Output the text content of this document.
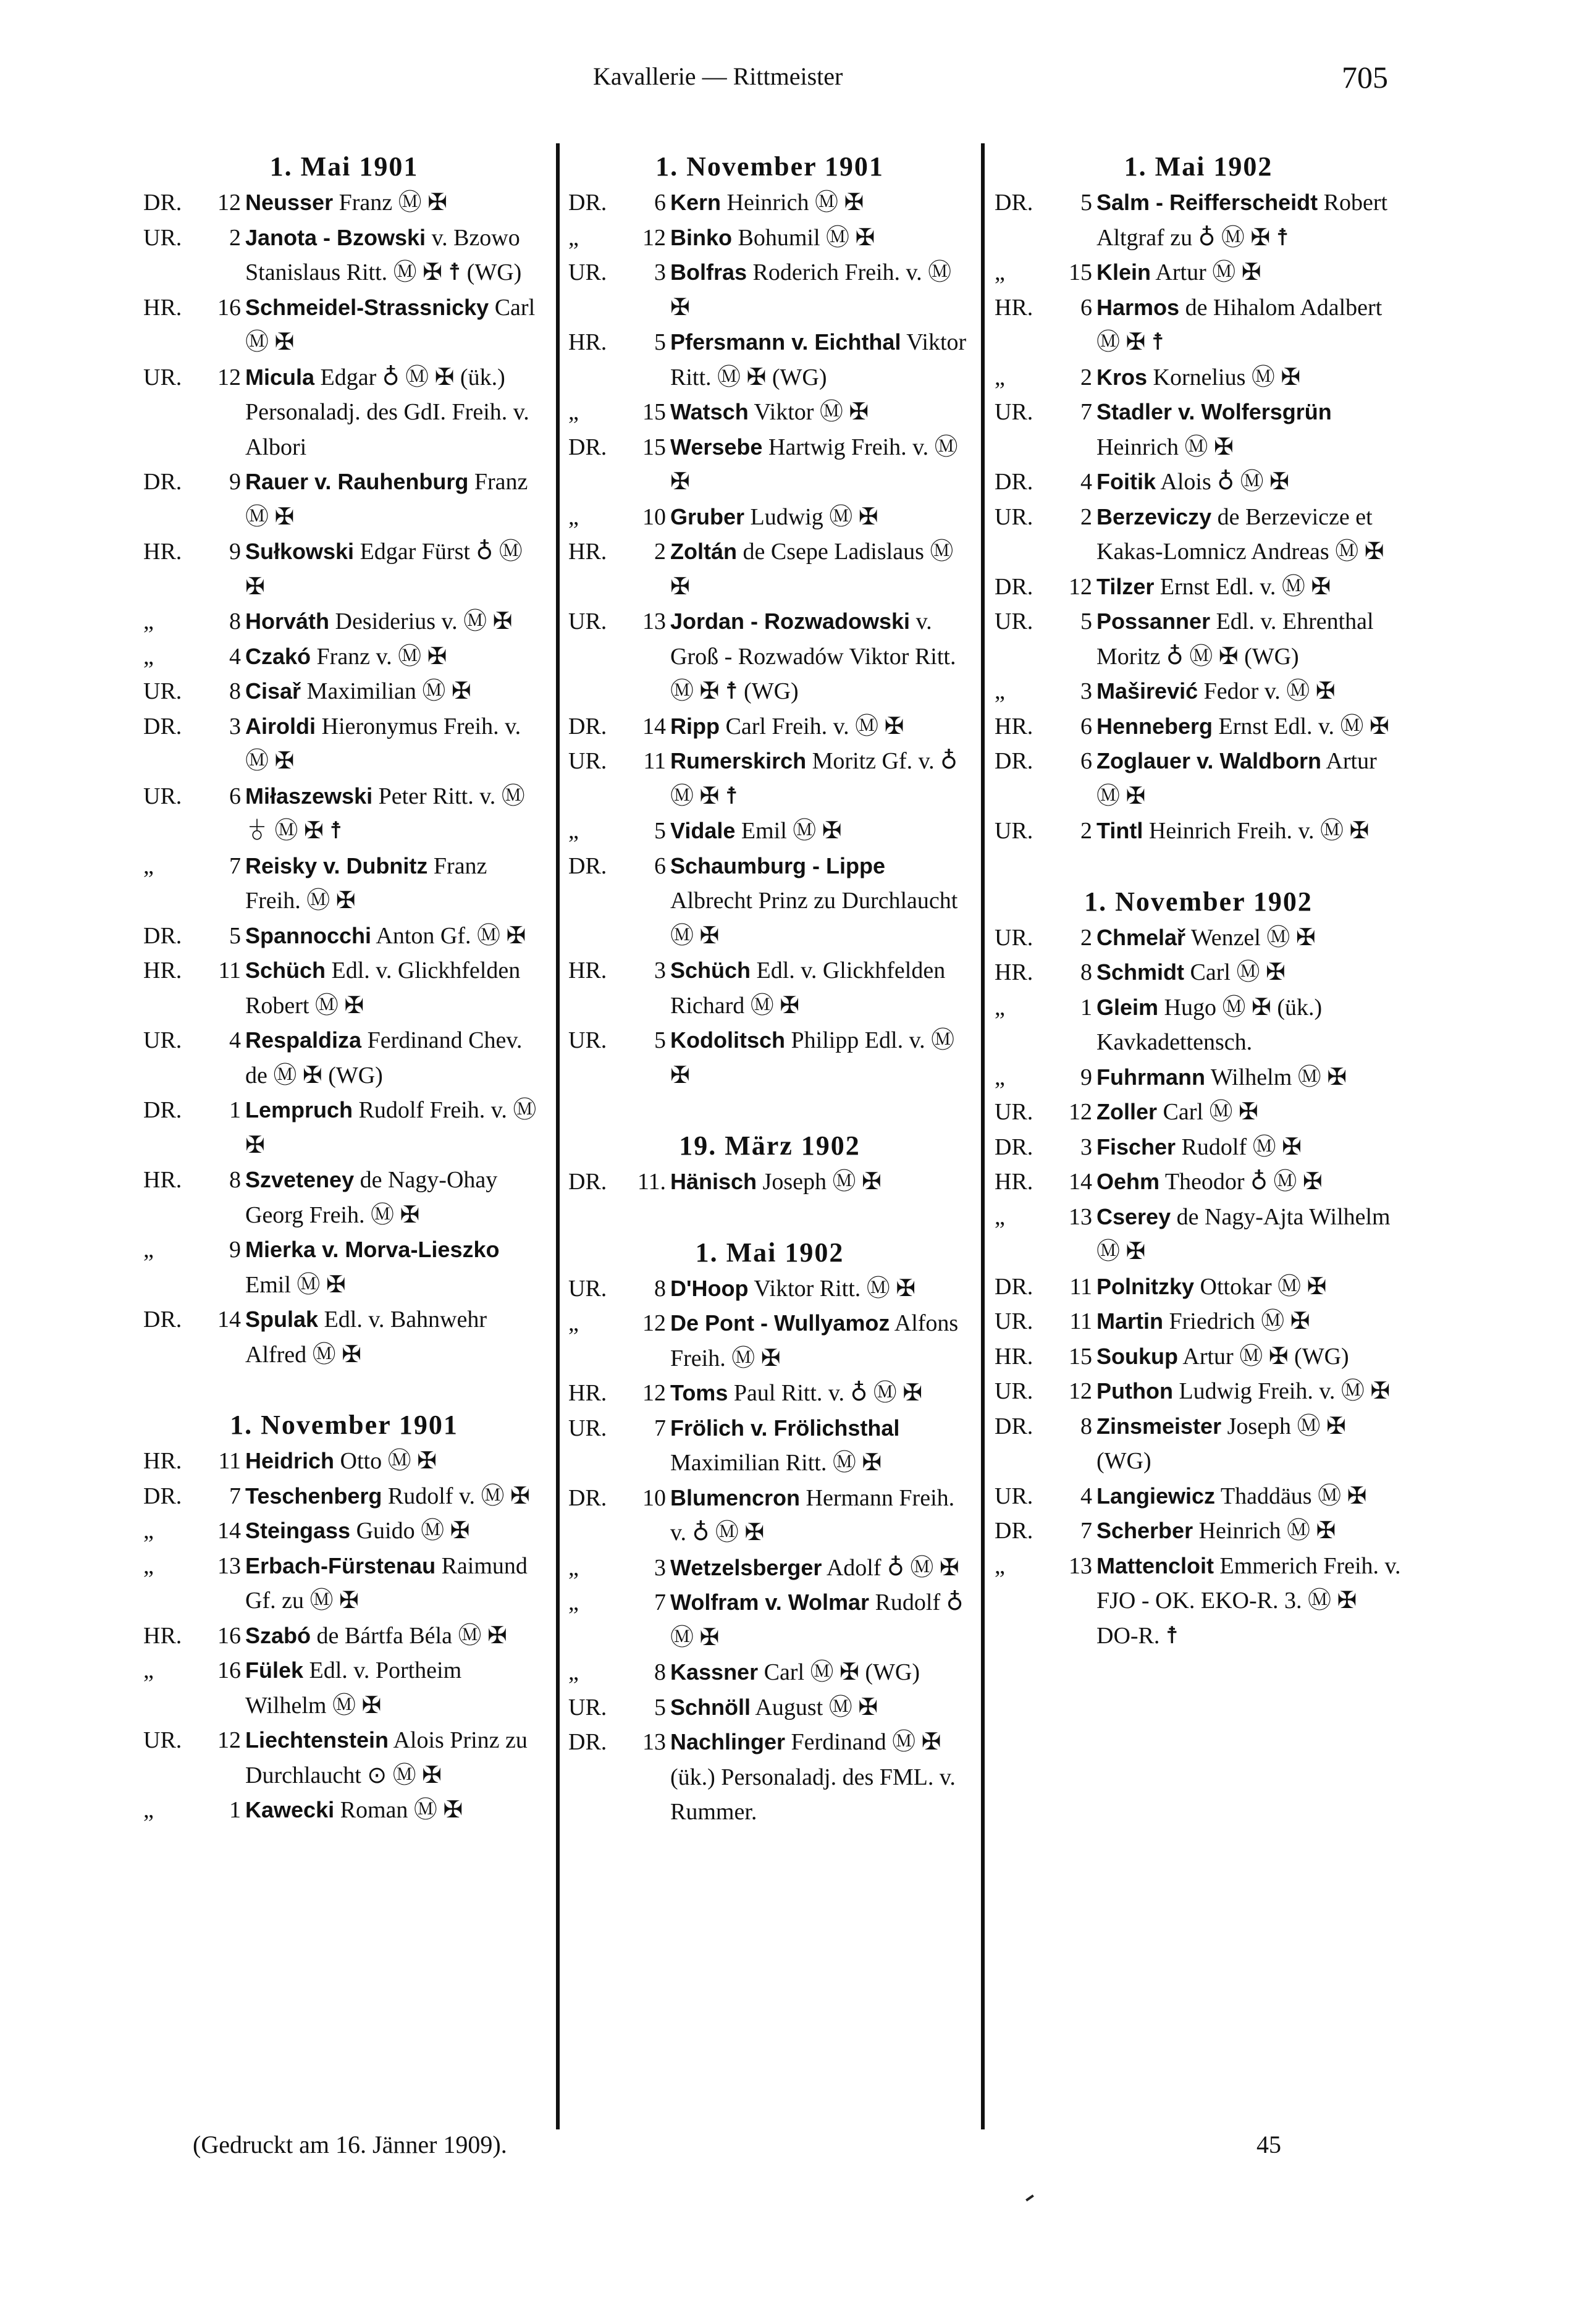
Kavallerie — Rittmeister	705
1. Mai 1901
DR.	12 Neusser Franz Ⓜ ✠
UR.	2 Janota - Bzowski v. Bzowo Stanislaus Ritt. Ⓜ ✠ ☨ (WG)
HR.	16 Schmeidel-Strassnicky Carl Ⓜ ✠
UR.	12 Micula Edgar ♁ Ⓜ ✠ (ük.) Personaladj. des GdI. Freih. v. Albori
DR.	9 Rauer v. Rauhenburg Franz Ⓜ ✠
HR.	9 Sułkowski Edgar Fürst ♁ Ⓜ ✠
„	8 Horváth Desiderius v. Ⓜ ✠
„	4 Czakó Franz v. Ⓜ ✠
UR.	8 Cisař Maximilian Ⓜ ✠
DR.	3 Airoldi Hieronymus Freih. v. Ⓜ ✠
UR.	6 Miłaszewski Peter Ritt. v. Ⓜ ♁ Ⓜ ✠ ☨
„	7 Reisky v. Dubnitz Franz Freih. Ⓜ ✠
DR.	5 Spannocchi Anton Gf. Ⓜ ✠
HR.	11 Schüch Edl. v. Glickhfelden Robert Ⓜ ✠
UR.	4 Respaldiza Ferdinand Chev. de Ⓜ ✠ (WG)
DR.	1 Lempruch Rudolf Freih. v. Ⓜ ✠
HR.	8 Szveteney de Nagy-Ohay Georg Freih. Ⓜ ✠
„	9 Mierka v. Morva-Lieszko Emil Ⓜ ✠
DR.	14 Spulak Edl. v. Bahnwehr Alfred Ⓜ ✠
1. November 1901
HR.	11 Heidrich Otto Ⓜ ✠
DR.	7 Teschenberg Rudolf v. Ⓜ ✠
„	14 Steingass Guido Ⓜ ✠
„	13 Erbach-Fürstenau Raimund Gf. zu Ⓜ ✠
HR.	16 Szabó de Bártfa Béla Ⓜ ✠
„	16 Fülek Edl. v. Portheim Wilhelm Ⓜ ✠
UR.	12 Liechtenstein Alois Prinz zu Durchlaucht ⊙ Ⓜ ✠
„	1 Kawecki Roman Ⓜ ✠
1. November 1901
DR.	6 Kern Heinrich Ⓜ ✠
„	12 Binko Bohumil Ⓜ ✠
UR.	3 Bolfras Roderich Freih. v. Ⓜ ✠
HR.	5 Pfersmann v. Eichthal Viktor Ritt. Ⓜ ✠ (WG)
„	15 Watsch Viktor Ⓜ ✠
DR.	15 Wersebe Hartwig Freih. v. Ⓜ ✠
„	10 Gruber Ludwig Ⓜ ✠
HR.	2 Zoltán de Csepe Ladislaus Ⓜ ✠
UR.	13 Jordan - Rozwadowski v. Groß - Rozwadów Viktor Ritt. Ⓜ ✠ ☨ (WG)
DR.	14 Ripp Carl Freih. v. Ⓜ ✠
UR.	11 Rumerskirch Moritz Gf. v. ♁ Ⓜ ✠ ☨
„	5 Vidale Emil Ⓜ ✠
DR.	6 Schaumburg - Lippe Albrecht Prinz zu Durchlaucht Ⓜ ✠
HR.	3 Schüch Edl. v. Glickhfelden Richard Ⓜ ✠
UR.	5 Kodolitsch Philipp Edl. v. Ⓜ ✠
19. März 1902
DR.	11. Hänisch Joseph Ⓜ ✠
1. Mai 1902
UR.	8 D'Hoop Viktor Ritt. Ⓜ ✠
„	12 De Pont - Wullyamoz Alfons Freih. Ⓜ ✠
HR.	12 Toms Paul Ritt. v. ♁ Ⓜ ✠
UR.	7 Frölich v. Frölichsthal Maximilian Ritt. Ⓜ ✠
DR.	10 Blumencron Hermann Freih. v. ♁ Ⓜ ✠
„	3 Wetzelsberger Adolf ♁ Ⓜ ✠
„	7 Wolfram v. Wolmar Rudolf ♁ Ⓜ ✠
„	8 Kassner Carl Ⓜ ✠ (WG)
UR.	5 Schnöll August Ⓜ ✠
DR.	13 Nachlinger Ferdinand Ⓜ ✠ (ük.) Personaladj. des FML. v. Rummer.
1. Mai 1902
DR.	5 Salm - Reifferscheidt Robert Altgraf zu ♁ Ⓜ ✠ ☨
„	15 Klein Artur Ⓜ ✠
HR.	6 Harmos de Hihalom Adalbert Ⓜ ✠ ☨
„	2 Kros Kornelius Ⓜ ✠
UR.	7 Stadler v. Wolfersgrün Heinrich Ⓜ ✠
DR.	4 Foitik Alois ♁ Ⓜ ✠
UR.	2 Berzeviczy de Berzevicze et Kakas-Lomnicz Andreas Ⓜ ✠
DR.	12 Tilzer Ernst Edl. v. Ⓜ ✠
UR.	5 Possanner Edl. v. Ehrenthal Moritz ♁ Ⓜ ✠ (WG)
„	3 Maširević Fedor v. Ⓜ ✠
HR.	6 Henneberg Ernst Edl. v. Ⓜ ✠
DR.	6 Zoglauer v. Waldborn Artur Ⓜ ✠
UR.	2 Tintl Heinrich Freih. v. Ⓜ ✠
1. November 1902
UR.	2 Chmelař Wenzel Ⓜ ✠
HR.	8 Schmidt Carl Ⓜ ✠
„	1 Gleim Hugo Ⓜ ✠ (ük.) Kavkadettensch.
„	9 Fuhrmann Wilhelm Ⓜ ✠
UR.	12 Zoller Carl Ⓜ ✠
DR.	3 Fischer Rudolf Ⓜ ✠
HR.	14 Oehm Theodor ♁ Ⓜ ✠
„	13 Cserey de Nagy-Ajta Wilhelm Ⓜ ✠
DR.	11 Polnitzky Ottokar Ⓜ ✠
UR.	11 Martin Friedrich Ⓜ ✠
HR.	15 Soukup Artur Ⓜ ✠ (WG)
UR.	12 Puthon Ludwig Freih. v. Ⓜ ✠
DR.	8 Zinsmeister Joseph Ⓜ ✠ (WG)
UR.	4 Langiewicz Thaddäus Ⓜ ✠
DR.	7 Scherber Heinrich Ⓜ ✠
„	13 Mattencloit Emmerich Freih. v. FJO - OK. EKO-R. 3. Ⓜ ✠ DO-R. ☨
(Gedruckt am 16. Jänner 1909).	45
